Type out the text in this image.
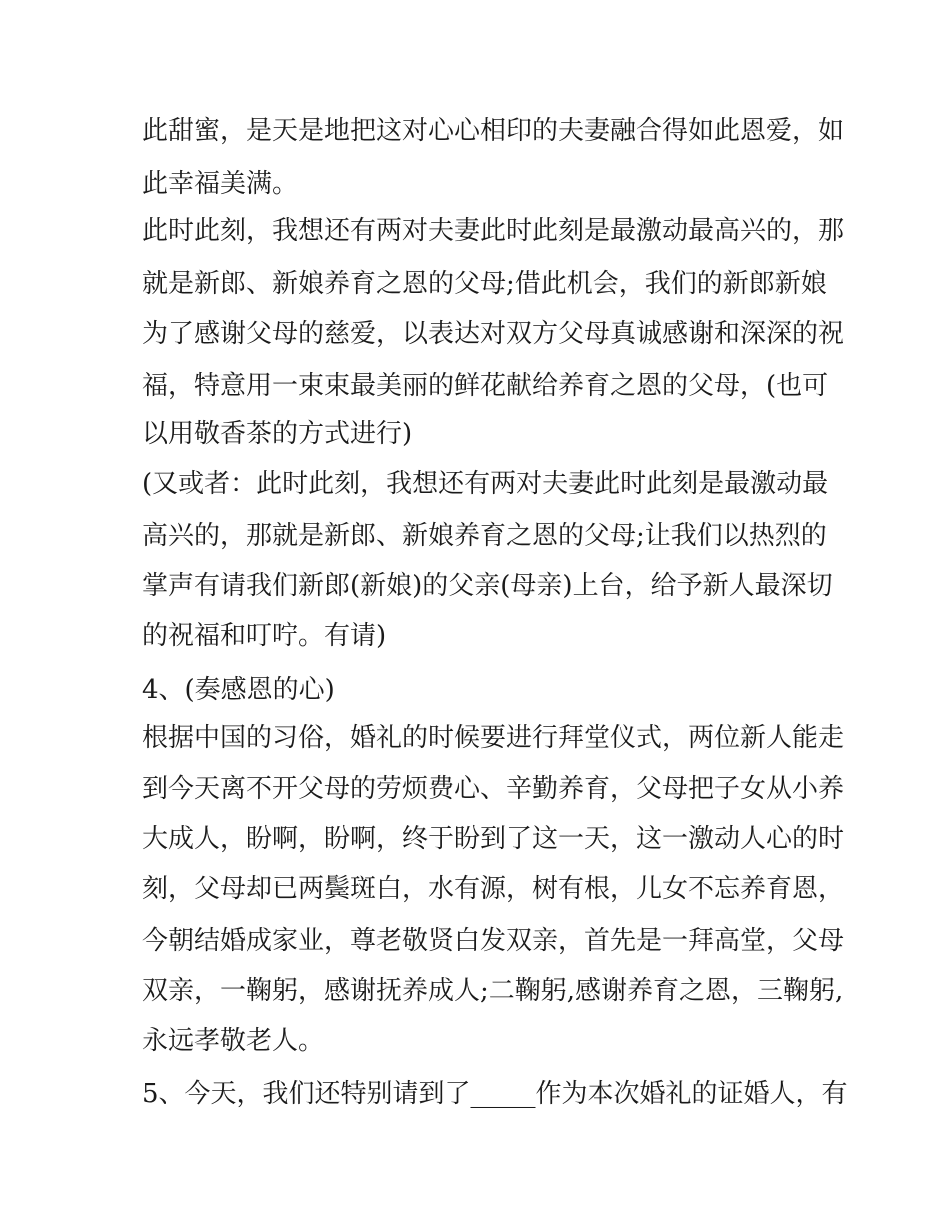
此甜蜜，是天是地把这对心心相印的夫妻融合得如此恩爱，如
此幸福美满。
此时此刻，我想还有两对夫妻此时此刻是最激动最高兴的，那
就是新郎、新娘养育之恩的父母;借此机会，我们的新郎新娘
为了感谢父母的慈爱，以表达对双方父母真诚感谢和深深的祝
福，特意用一束束最美丽的鲜花献给养育之恩的父母，(也可
以用敬香茶的方式进行)
(又或者：此时此刻，我想还有两对夫妻此时此刻是最激动最
高兴的，那就是新郎、新娘养育之恩的父母;让我们以热烈的
掌声有请我们新郎(新娘)的父亲(母亲)上台，给予新人最深切
的祝福和叮咛。有请)
4、(奏感恩的心)
根据中国的习俗，婚礼的时候要进行拜堂仪式，两位新人能走
到今天离不开父母的劳烦费心、辛勤养育，父母把子女从小养
大成人，盼啊，盼啊，终于盼到了这一天，这一激动人心的时
刻，父母却已两鬓斑白，水有源，树有根，儿女不忘养育恩，
今朝结婚成家业，尊老敬贤白发双亲，首先是一拜高堂，父母
双亲，一鞠躬，感谢抚养成人;二鞠躬,感谢养育之恩，三鞠躬,
永远孝敬老人。
5、今天，我们还特别请到了_____作为本次婚礼的证婚人，有
